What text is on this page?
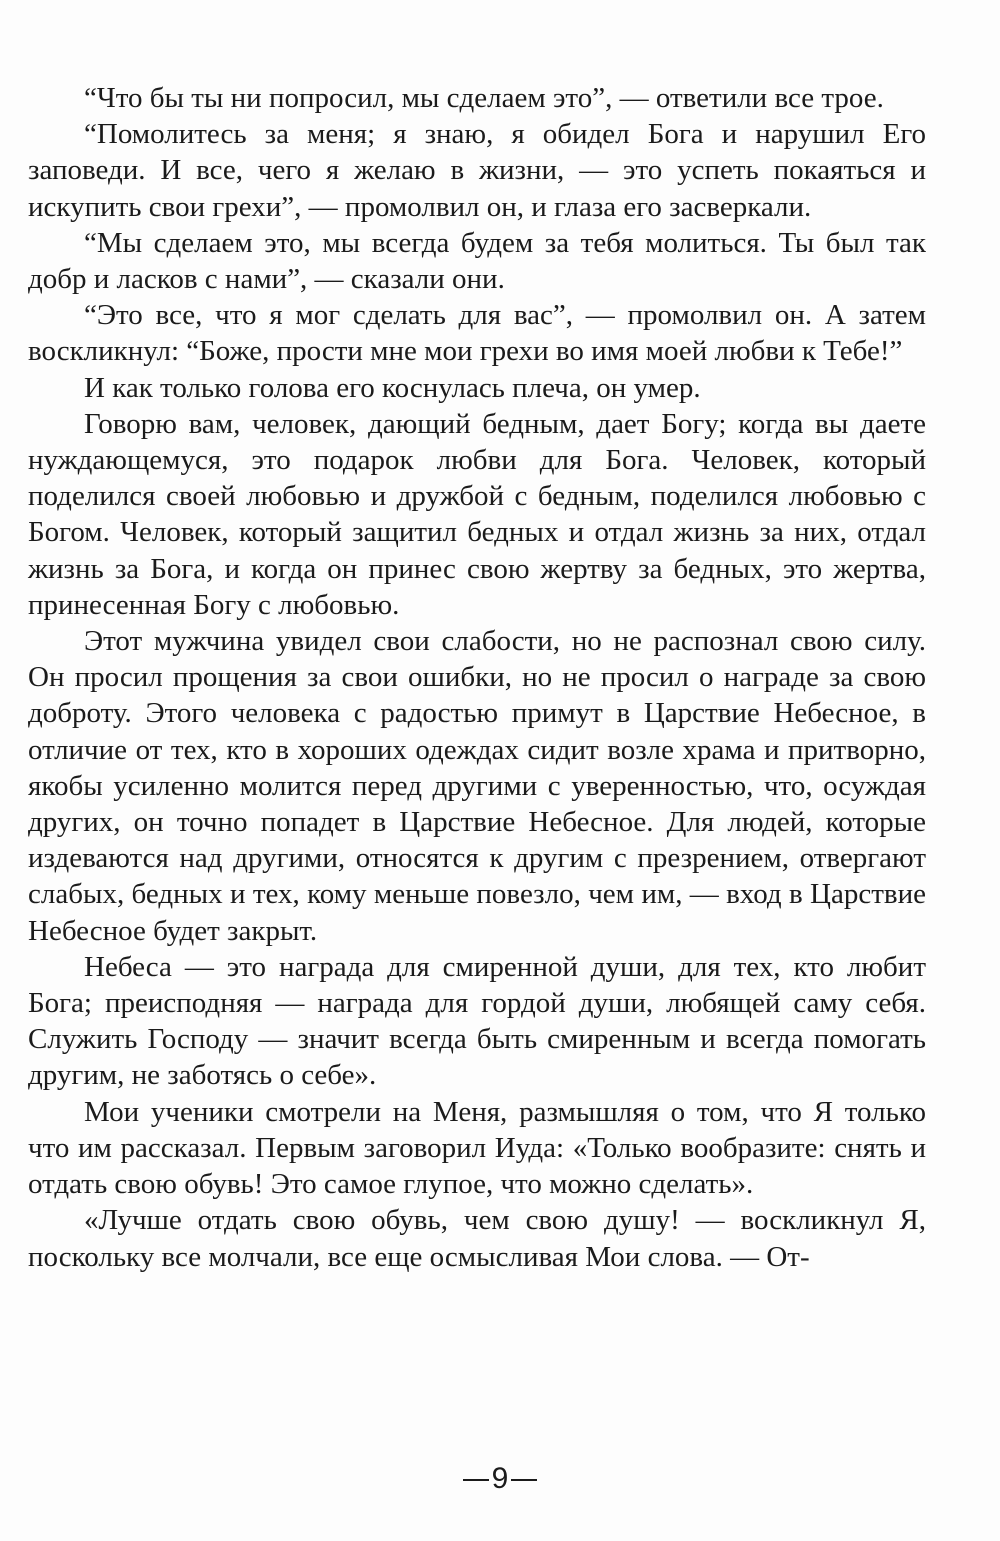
“Что бы ты ни попросил, мы сделаем это”, — ответили все трое.

“Помолитесь за меня; я знаю, я обидел Бога и нарушил Его заповеди. И все, чего я желаю в жизни, — это успеть покаяться и искупить свои грехи”, — промолвил он, и глаза его засверкали.

“Мы сделаем это, мы всегда будем за тебя молиться. Ты был так добр и ласков с нами”, — сказали они.

“Это все, что я мог сделать для вас”, — промолвил он. А затем воскликнул: “Боже, прости мне мои грехи во имя моей любви к Тебе!”

И как только голова его коснулась плеча, он умер.

Говорю вам, человек, дающий бедным, дает Богу; когда вы даете нуждающемуся, это подарок любви для Бога. Человек, который поделился своей любовью и дружбой с бедным, поделился любовью с Богом. Человек, который защитил бедных и отдал жизнь за них, отдал жизнь за Бога, и когда он принес свою жертву за бедных, это жертва, принесенная Богу с любовью.

Этот мужчина увидел свои слабости, но не распознал свою силу. Он просил прощения за свои ошибки, но не просил о награде за свою доброту. Этого человека с радостью примут в Царствие Небесное, в отличие от тех, кто в хороших одеждах сидит возле храма и притворно, якобы усиленно молится перед другими с уверенностью, что, осуждая других, он точно попадет в Царствие Небесное. Для людей, которые издеваются над другими, относятся к другим с презрением, отвергают слабых, бедных и тех, кому меньше повезло, чем им, — вход в Царствие Небесное будет закрыт.

Небеса — это награда для смиренной души, для тех, кто любит Бога; преисподняя — награда для гордой души, любящей саму себя. Служить Господу — значит всегда быть смиренным и всегда помогать другим, не заботясь о себе».

Мои ученики смотрели на Меня, размышляя о том, что Я только что им рассказал. Первым заговорил Иуда: «Только вообразите: снять и отдать свою обувь! Это самое глупое, что можно сделать».

«Лучше отдать свою обувь, чем свою душу! — воскликнул Я, поскольку все молчали, все еще осмысливая Мои слова. — От-

9
